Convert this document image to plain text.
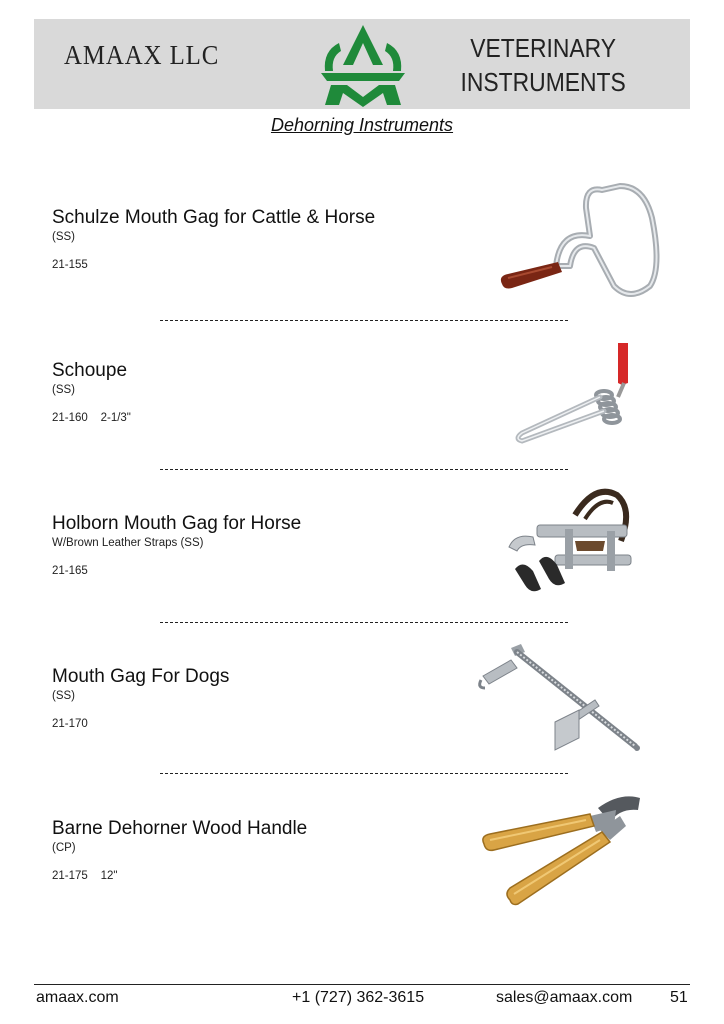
AMAAX LLC	VETERINARY
INSTRUMENTS
Dehorning Instruments
Schulze Mouth Gag for Cattle & Horse
(SS)
21-155
Schoupe
(SS)
21-160    2-1/3"
Holborn Mouth Gag for Horse
W/Brown Leather Straps (SS)
21-165
Mouth Gag For Dogs
(SS)
21-170
Barne Dehorner Wood Handle
(CP)
21-175    12"
amaax.com	+1 (727) 362-3615	sales@amaax.com 51
